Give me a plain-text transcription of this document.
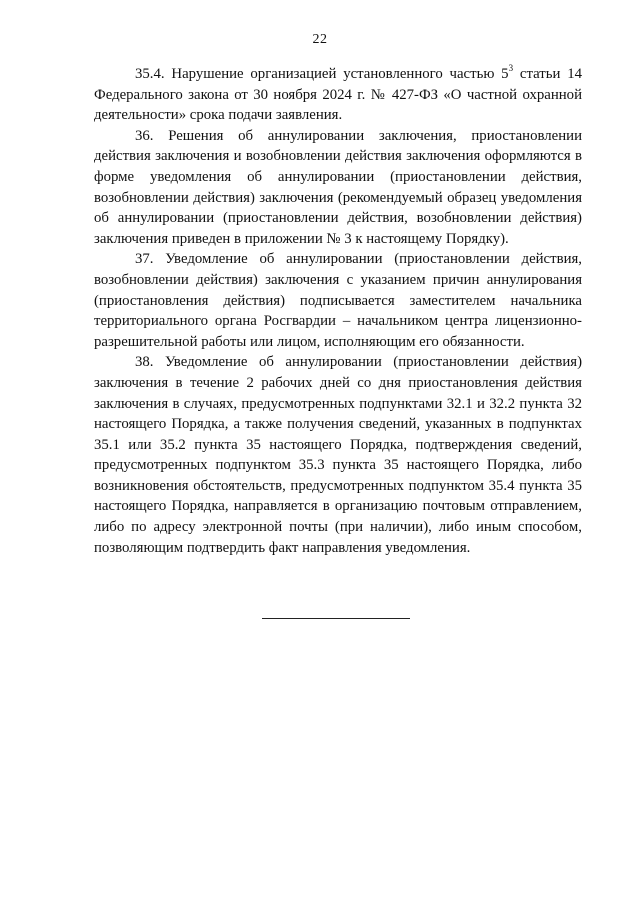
22

35.4. Нарушение организацией установленного частью $5^3$ статьи 14 Федерального закона от 30 ноября 2024 г. № 427-ФЗ «О частной охранной деятельности» срока подачи заявления.

36. Решения об аннулировании заключения, приостановлении действия заключения и возобновлении действия заключения оформляются в форме уведомления об аннулировании (приостановлении действия, возобновлении действия) заключения (рекомендуемый образец уведомления об аннулировании (приостановлении действия, возобновлении действия) заключения приведен в приложении № 3 к настоящему Порядку).

37. Уведомление об аннулировании (приостановлении действия, возобновлении действия) заключения с указанием причин аннулирования (приостановления действия) подписывается заместителем начальника территориального органа Росгвардии – начальником центра лицензионно-разрешительной работы или лицом, исполняющим его обязанности.

38. Уведомление об аннулировании (приостановлении действия) заключения в течение 2 рабочих дней со дня приостановления действия заключения в случаях, предусмотренных подпунктами 32.1 и 32.2 пункта 32 настоящего Порядка, а также получения сведений, указанных в подпунктах 35.1 или 35.2 пункта 35 настоящего Порядка, подтверждения сведений, предусмотренных подпунктом 35.3 пункта 35 настоящего Порядка, либо возникновения обстоятельств, предусмотренных подпунктом 35.4 пункта 35 настоящего Порядка, направляется в организацию почтовым отправлением, либо по адресу электронной почты (при наличии), либо иным способом, позволяющим подтвердить факт направления уведомления.
